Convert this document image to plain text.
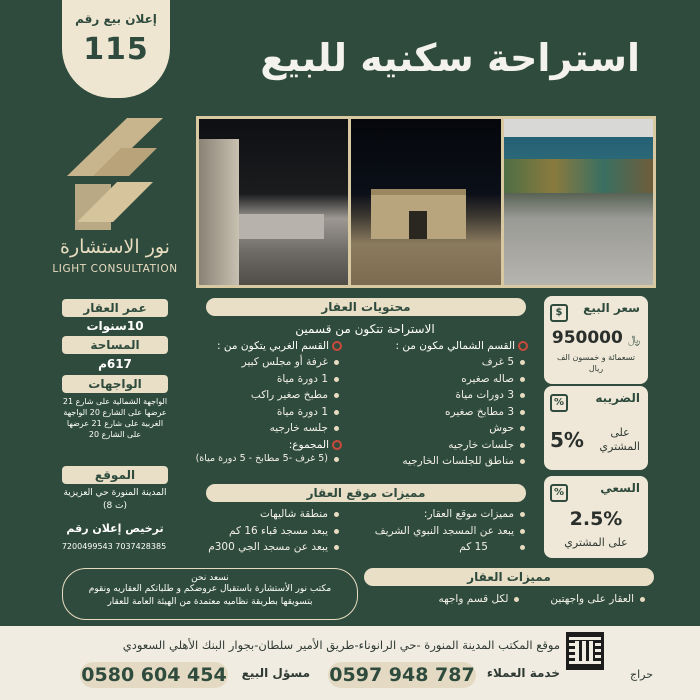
إعلان بيع رقم
115	استراحة سكنيه للبيع
نور الاستشارة
LIGHT CONSULTATION
محتويات العقار
الاستراحة تتكون من قسمين
القسم الشمالي مكون من :
5 غرف
صاله صغيره
3 دورات مياة
3 مطابخ صغيره
حوش
جلسات خارجيه
مناطق للجلسات الخارجيه
القسم الغربي يتكون من :
غرفة أو مجلس كبير
1 دورة مياة
مطبخ صغير راكب
1 دورة مياة
جلسه خارجيه
المجموع:
(5 غرف -5 مطابخ - 5 دورة مياة)
مميزات موقع العقار
مميزات موقع العقار:
يبعد عن المسجد النبوي الشريف
15 كم
منطقة شاليهات
يبعد مسجد قباء 16 كم
يبعد عن مسجد الجي 300م
مميزات العقار
العقار على واجهتين
لكل قسم واجهه
سعر البيع
$
﷼ 950000
تسعمائة و خمسون الف ريال
الضريبه
%
5%	على المشتري
السعي
%
2.5%
على المشتري
عمر العقار
10سنوات
المساحة
617م
الواجهات
الواجهة الشمالية على شارع 21 عرضها على الشارع 20 الواجهة الغربية على شارع 21 عرضها على الشارع 20
الموقع
المدينة المنورة حي العزيزية (ت 8)
ترخيص إعلان رقم
7200499543 7037428385
نسعد نحن
مكتب نور الأستشارة باستقبال عروضكم و طلباتكم العقاريه ونقوم
بتسويقها بطريقة نظاميه معتمدة من الهيئة العامة للعقار
موقع المكتب المدينة المنورة -حي الرانوناء-طريق الأمير سلطان-بجوار البنك الأهلي السعودي
خدمة العملاء
مسؤل البيع	حراج
0597 948 787
0580 604 454
